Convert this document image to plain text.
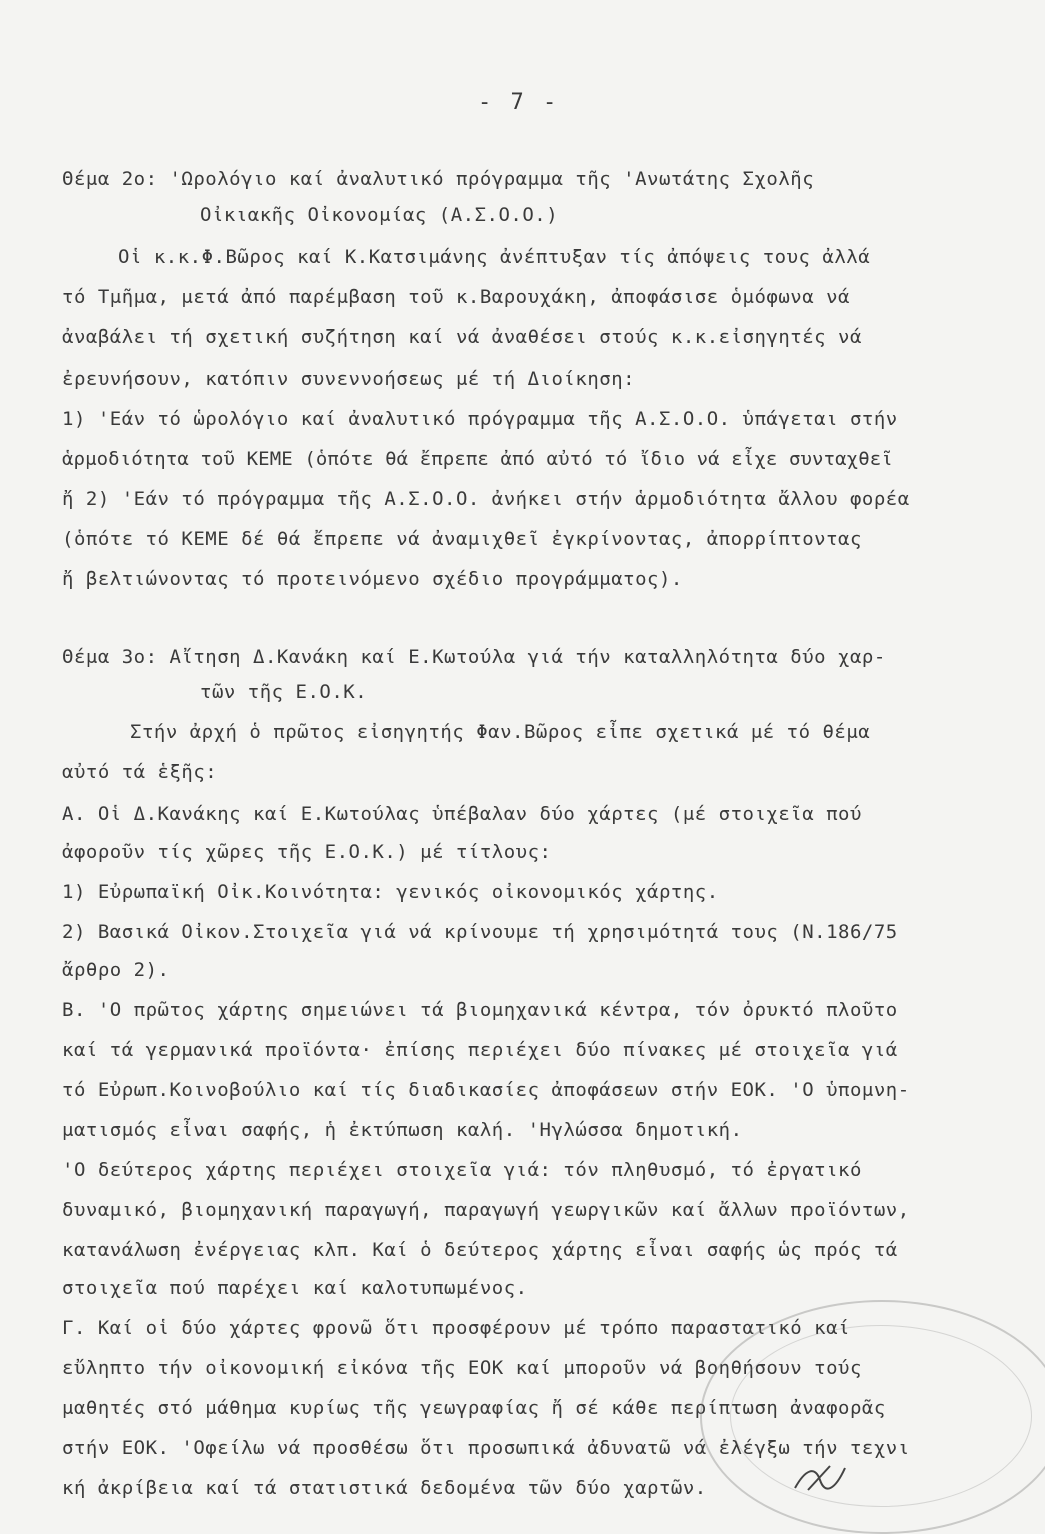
- 7 -
Θέμα 2ο: 'Ωρολόγιο καί ἀναλυτικό πρόγραμμα τῆς 'Ανωτάτης Σχολῆς
Οἰκιακῆς Οἰκονομίας (Α.Σ.Ο.Ο.)
Οἱ κ.κ.Φ.Βῶρος καί Κ.Κατσιμάνης ἀνέπτυξαν τίς ἀπόψεις τους ἀλλά
τό Τμῆμα, μετά ἀπό παρέμβαση τοῦ κ.Βαρουχάκη, ἀποφάσισε ὁμόφωνα νά
ἀναβάλει τή σχετική συζήτηση καί νά ἀναθέσει στούς κ.κ.εἰσηγητές νά
ἐρευνήσουν, κατόπιν συνεννοήσεως μέ τή Διοίκηση:
1) 'Εάν τό ὡρολόγιο καί ἀναλυτικό πρόγραμμα τῆς Α.Σ.Ο.Ο. ὑπάγεται στήν
ἁρμοδιότητα τοῦ ΚΕΜΕ (ὁπότε θά ἔπρεπε ἀπό αὐτό τό ἴδιο νά εἶχε συνταχθεῖ
ἤ 2) 'Εάν τό πρόγραμμα τῆς Α.Σ.Ο.Ο. ἀνήκει στήν ἁρμοδιότητα ἄλλου φορέα
(ὁπότε τό ΚΕΜΕ δέ θά ἔπρεπε νά ἀναμιχθεῖ ἐγκρίνοντας, ἀπορρίπτοντας
ἤ βελτιώνοντας τό προτεινόμενο σχέδιο προγράμματος).
Θέμα 3ο: Αἴτηση Δ.Κανάκη καί Ε.Κωτούλα γιά τήν καταλληλότητα δύο χαρ-
τῶν τῆς Ε.Ο.Κ.
Στήν ἀρχή ὁ πρῶτος εἰσηγητής Φαν.Βῶρος εἶπε σχετικά μέ τό θέμα
αὐτό τά ἑξῆς:
Α. Οἱ Δ.Κανάκης καί Ε.Κωτούλας ὑπέβαλαν δύο χάρτες (μέ στοιχεῖα πού
ἀφοροῦν τίς χῶρες τῆς Ε.Ο.Κ.) μέ τίτλους:
1) Εὐρωπαϊκή Οἰκ.Κοινότητα: γενικός οἰκονομικός χάρτης.
2) Βασικά Οἰκον.Στοιχεῖα γιά νά κρίνουμε τή χρησιμότητά τους (Ν.186/75
ἄρθρο 2).
Β. 'Ο πρῶτος χάρτης σημειώνει τά βιομηχανικά κέντρα, τόν ὀρυκτό πλοῦτο
καί τά γερμανικά προϊόντα· ἐπίσης περιέχει δύο πίνακες μέ στοιχεῖα γιά
τό Εὐρωπ.Κοινοβούλιο καί τίς διαδικασίες ἀποφάσεων στήν ΕΟΚ. 'Ο ὑπομνη-
ματισμός εἶναι σαφής, ἡ ἐκτύπωση καλή. 'Ηγλώσσα δημοτική.
'Ο δεύτερος χάρτης περιέχει στοιχεῖα γιά: τόν πληθυσμό, τό ἐργατικό
δυναμικό, βιομηχανική παραγωγή, παραγωγή γεωργικῶν καί ἄλλων προϊόντων,
κατανάλωση ἐνέργειας κλπ. Καί ὁ δεύτερος χάρτης εἶναι σαφής ὡς πρός τά
στοιχεῖα πού παρέχει καί καλοτυπωμένος.
Γ. Καί οἱ δύο χάρτες φρονῶ ὅτι προσφέρουν μέ τρόπο παραστατικό καί
εὔληπτο τήν οἰκονομική εἰκόνα τῆς ΕΟΚ καί μποροῦν νά βοηθήσουν τούς
μαθητές στό μάθημα κυρίως τῆς γεωγραφίας ἤ σέ κάθε περίπτωση ἀναφορᾶς
στήν ΕΟΚ. 'Οφείλω νά προσθέσω ὅτι προσωπικά ἀδυνατῶ νά ἐλέγξω τήν τεχνι
κή ἀκρίβεια καί τά στατιστικά δεδομένα τῶν δύο χαρτῶν.
